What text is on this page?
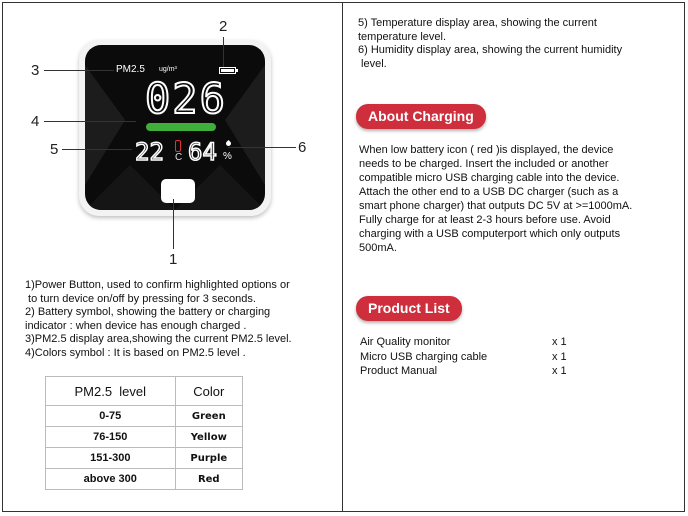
PM2.5 ug/m³
026
22 C 64 %
2
3
4
5	6
1

1)Power Button, used to confirm highlighted options or

to turn device on/off by pressing for 3 seconds.

2) Battery symbol, showing the battery or charging

indicator : when device has enough charged .

3)PM2.5 display area,showing the current PM2.5 level.

4)Colors symbol : It is based on PM2.5 level .

PM2.5  level	Color
0-75	Green
76-150	Yellow
151-300	Purple
above 300	Red

5) Temperature display area, showing the current

temperature level.

6) Humidity display area, showing the current humidity

level.

About Charging
When low battery icon ( red )is displayed, the device
needs to be charged. Insert the included or another
compatible micro USB charging cable into the device.
Attach the other end to a USB DC charger (such as a
smart phone charger) that outputs DC 5V at >=1000mA.
Fully charge for at least 2-3 hours before use. Avoid
charging with a USB computerport which only outputs
500mA.
Product List
Air Quality monitor	x 1
Micro USB charging cable	x 1
Product Manual	x 1
